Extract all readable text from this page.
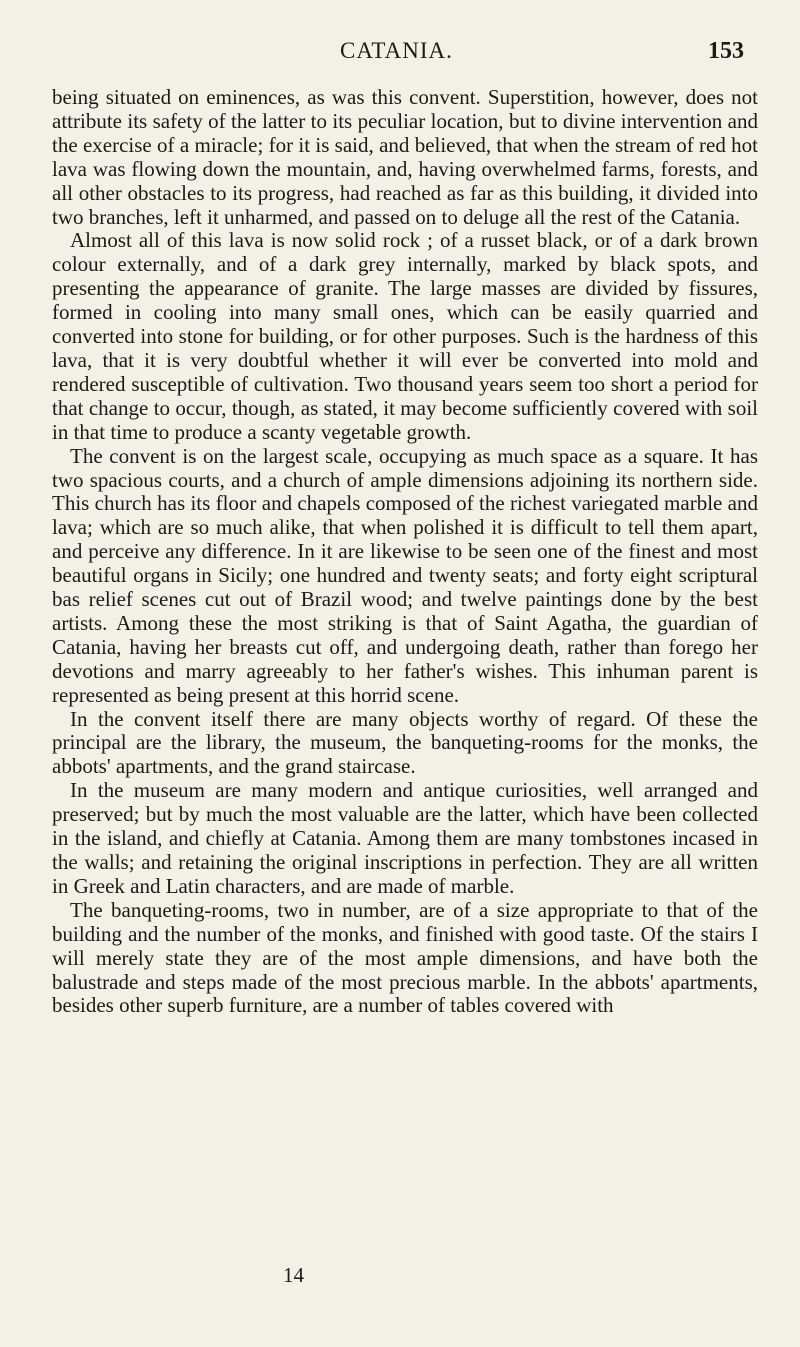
CATANIA.	153

being situated on eminences, as was this convent. Superstition, however, does not attribute its safety of the latter to its peculiar location, but to divine intervention and the exercise of a miracle; for it is said, and believed, that when the stream of red hot lava was flowing down the mountain, and, having overwhelmed farms, forests, and all other obstacles to its progress, had reached as far as this building, it divided into two branches, left it unharmed, and passed on to deluge all the rest of the Catania.

Almost all of this lava is now solid rock ; of a russet black, or of a dark brown colour externally, and of a dark grey internally, marked by black spots, and presenting the appearance of granite. The large masses are divided by fissures, formed in cooling into many small ones, which can be easily quarried and converted into stone for building, or for other purposes. Such is the hardness of this lava, that it is very doubtful whether it will ever be converted into mold and rendered susceptible of cultivation. Two thousand years seem too short a period for that change to occur, though, as stated, it may become sufficiently covered with soil in that time to produce a scanty vegetable growth.

The convent is on the largest scale, occupying as much space as a square. It has two spacious courts, and a church of ample dimensions adjoining its northern side. This church has its floor and chapels composed of the richest variegated marble and lava; which are so much alike, that when polished it is difficult to tell them apart, and perceive any difference. In it are likewise to be seen one of the finest and most beautiful organs in Sicily; one hundred and twenty seats; and forty eight scriptural bas relief scenes cut out of Brazil wood; and twelve paintings done by the best artists. Among these the most striking is that of Saint Agatha, the guardian of Catania, having her breasts cut off, and undergoing death, rather than forego her devotions and marry agreeably to her father's wishes. This inhuman parent is represented as being present at this horrid scene.

In the convent itself there are many objects worthy of regard. Of these the principal are the library, the museum, the banqueting-rooms for the monks, the abbots' apartments, and the grand staircase.

In the museum are many modern and antique curiosities, well arranged and preserved; but by much the most valuable are the latter, which have been collected in the island, and chiefly at Catania. Among them are many tombstones incased in the walls; and retaining the original inscriptions in perfection. They are all written in Greek and Latin characters, and are made of marble.

The banqueting-rooms, two in number, are of a size appropriate to that of the building and the number of the monks, and finished with good taste. Of the stairs I will merely state they are of the most ample dimensions, and have both the balustrade and steps made of the most precious marble. In the abbots' apartments, besides other superb furniture, are a number of tables covered with

14
